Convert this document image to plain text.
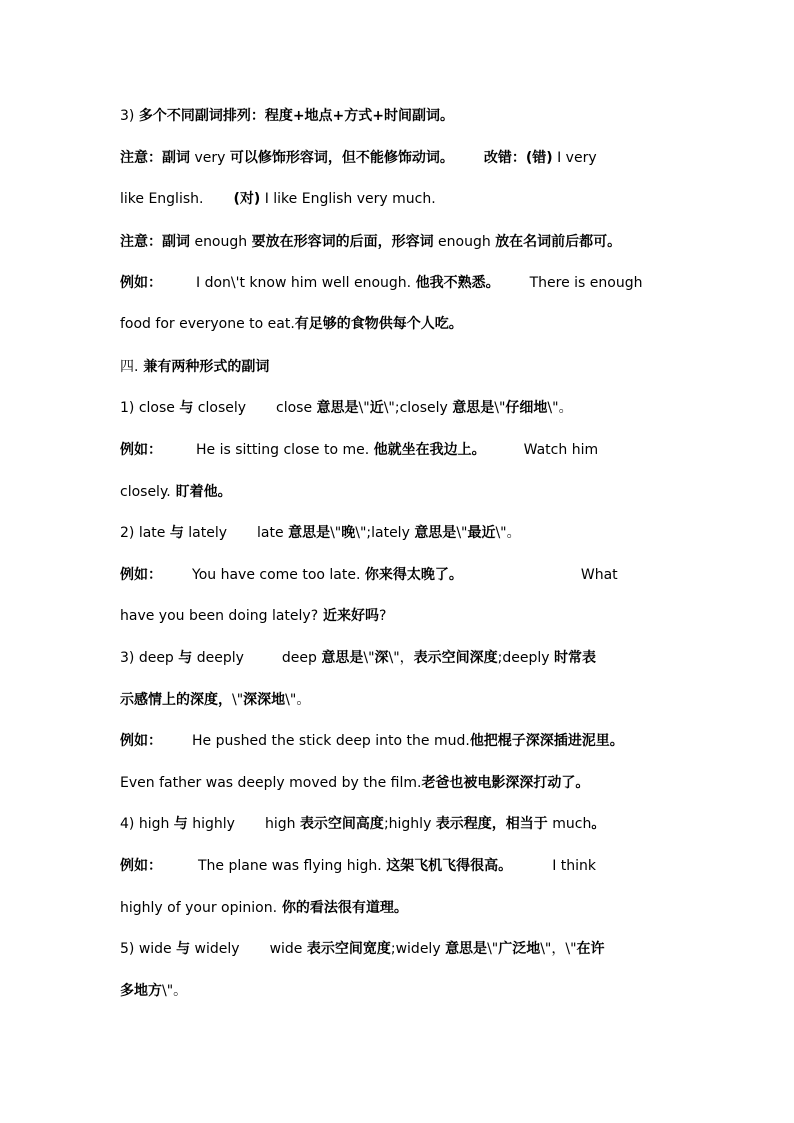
3) 多个不同副词排列：程度+地点+方式+时间副词。
注意：副词 very 可以修饰形容词，但不能修饰动词。 改错：(错) I very
like English. (对) I like English very much.
注意：副词 enough 要放在形容词的后面，形容词 enough 放在名词前后都可。
例如： I don\'t know him well enough. 他我不熟悉。 There is enough
food for everyone to eat.有足够的食物供每个人吃。
四. 兼有两种形式的副词
1) close 与 closely close 意思是\"近\";closely 意思是\"仔细地\"。
例如： He is sitting close to me. 他就坐在我边上。	Watch him
closely. 盯着他。
2) late 与 lately late 意思是\"晚\";lately 意思是\"最近\"。
例如： You have come too late. 你来得太晚了。	What
have you been doing lately? 近来好吗?
3) deep 与 deeply	deep 意思是\"深\"，表示空间深度;deeply 时常表
示感情上的深度，\"深深地\"。
例如： He pushed the stick deep into the mud.他把棍子深深插进泥里。
Even father was deeply moved by the film.老爸也被电影深深打动了。
4) high 与 highly high 表示空间高度;highly 表示程度，相当于 much。
例如：	The plane was flying high. 这架飞机飞得很高。	I think
highly of your opinion. 你的看法很有道理。
5) wide 与 widely wide 表示空间宽度;widely 意思是\"广泛地\"，\"在许
多地方\"。
